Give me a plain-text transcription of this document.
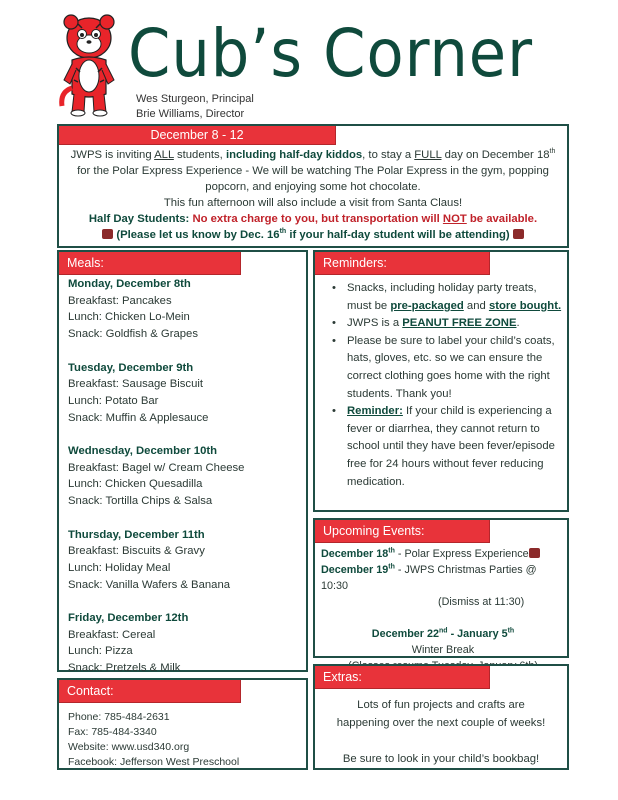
Cub’s Corner
Wes Sturgeon, Principal
Brie Williams, Director
December 8 - 12
JWPS is inviting ALL students, including half-day kiddos, to stay a FULL day on December 18th
for the Polar Express Experience - We will be watching The Polar Express in the gym, popping
popcorn, and enjoying some hot chocolate.
This fun afternoon will also include a visit from Santa Claus!
Half Day Students: No extra charge to you, but transportation will NOT be available.
(Please let us know by Dec. 16th if your half-day student will be attending)
Meals:
Monday, December 8th
Breakfast: Pancakes
Lunch: Chicken Lo-Mein
Snack: Goldfish & Grapes
Tuesday, December 9th
Breakfast: Sausage Biscuit
Lunch: Potato Bar
Snack: Muffin & Applesauce
Wednesday, December 10th
Breakfast: Bagel w/ Cream Cheese
Lunch: Chicken Quesadilla
Snack: Tortilla Chips & Salsa
Thursday, December 11th
Breakfast: Biscuits & Gravy
Lunch: Holiday Meal
Snack: Vanilla Wafers & Banana
Friday, December 12th
Breakfast: Cereal
Lunch: Pizza
Snack: Pretzels & Milk
Contact:
Phone: 785-484-2631
Fax: 785-484-3340
Website: www.usd340.org
Facebook: Jefferson West Preschool
Reminders:
• Snacks, including holiday party treats, must be pre-packaged and store bought.
• JWPS is a PEANUT FREE ZONE.
• Please be sure to label your child’s coats, hats, gloves, etc. so we can ensure the correct clothing goes home with the right students. Thank you!
• Reminder: If your child is experiencing a fever or diarrhea, they cannot return to school until they have been fever/episode free for 24 hours without fever reducing medication.
Upcoming Events:
December 18th - Polar Express Experience
December 19th - JWPS Christmas Parties @ 10:30
(Dismiss at 11:30)
December 22nd - January 5th
Winter Break
Extras:
Lots of fun projects and crafts are
happening over the next couple of weeks!
Be sure to look in your child’s bookbag!
